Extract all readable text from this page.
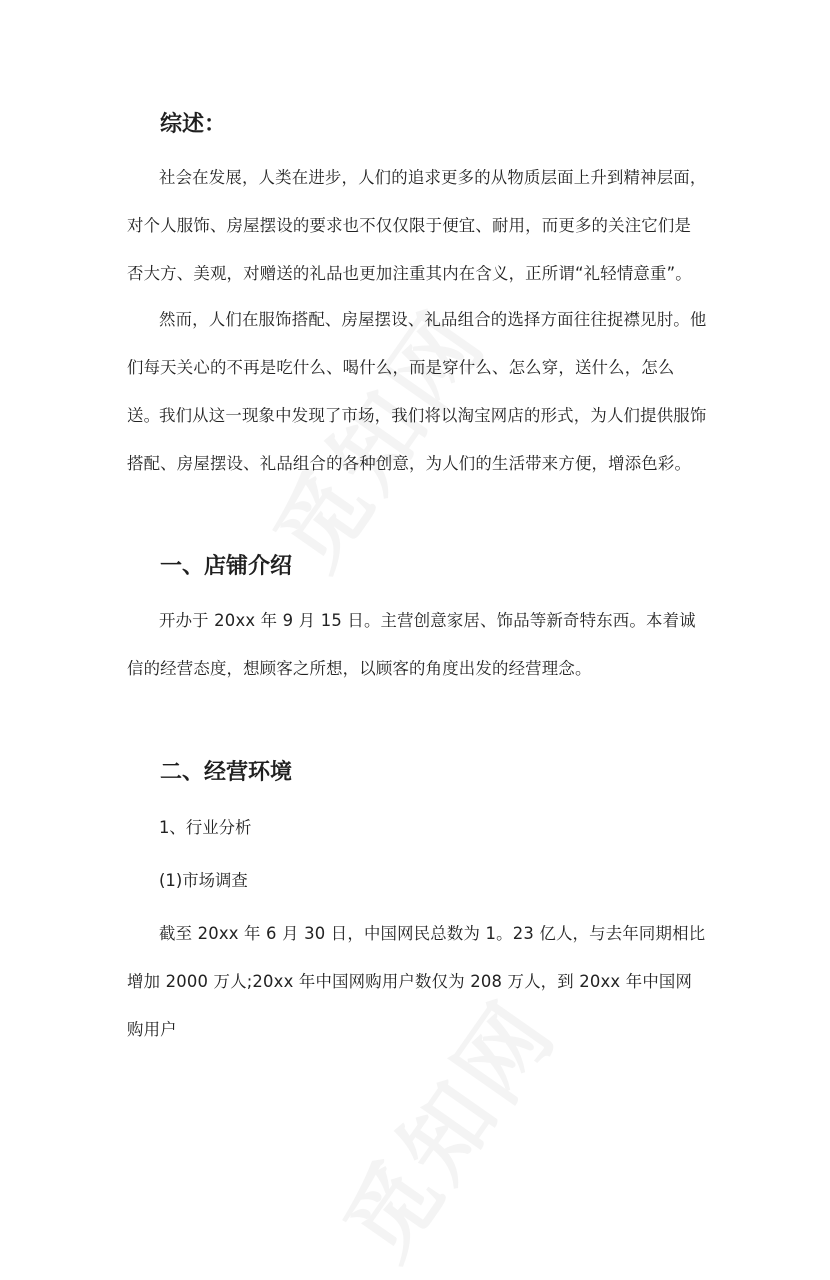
综述：

社会在发展，人类在进步，人们的追求更多的从物质层面上升到精神层面，对个人服饰、房屋摆设的要求也不仅仅限于便宜、耐用，而更多的关注它们是否大方、美观，对赠送的礼品也更加注重其内在含义，正所谓“礼轻情意重”。

然而，人们在服饰搭配、房屋摆设、礼品组合的选择方面往往捉襟见肘。他们每天关心的不再是吃什么、喝什么，而是穿什么、怎么穿，送什么，怎么送。

我们从这一现象中发现了市场，我们将以淘宝网店的形式，为人们提供服饰搭配、房屋摆设、礼品组合的各种创意，为人们的生活带来方便，增添色彩。

一、店铺介绍

开办于 20xx 年 9 月 15 日。主营创意家居、饰品等新奇特东西。本着诚信的经营态度，想顾客之所想，以顾客的角度出发的经营理念。

二、经营环境

1、行业分析

(1)市场调查

截至 20xx 年 6 月 30 日，中国网民总数为 1。23 亿人，与去年同期相比增加 2000 万人;20xx 年中国网购用户数仅为 208 万人，到 20xx 年中国网购用户
